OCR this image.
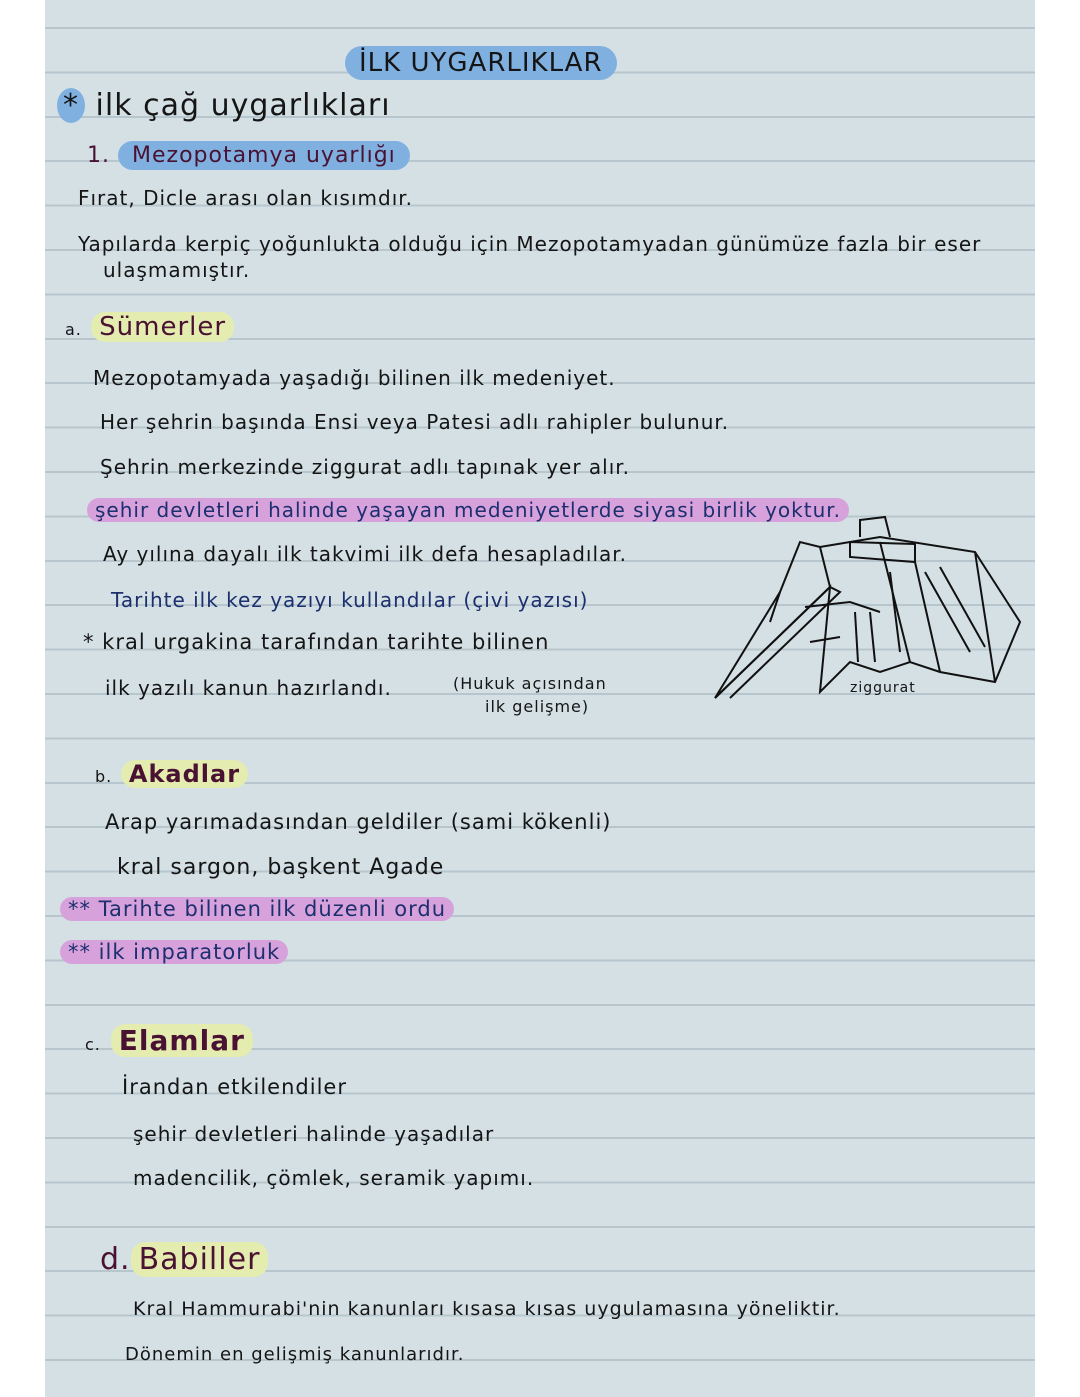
İLK UYGARLIKLAR
* ilk çağ uygarlıkları
1. Mezopotamya uyarlığı
Fırat, Dicle arası olan kısımdır.
Yapılarda kerpiç yoğunlukta olduğu için Mezopotamyadan günümüze fazla bir eser
ulaşmamıştır.
a. Sümerler
Mezopotamyada yaşadığı bilinen ilk medeniyet.
Her şehrin başında Ensi veya Patesi adlı rahipler bulunur.
Şehrin merkezinde ziggurat adlı tapınak yer alır.
şehir devletleri halinde yaşayan medeniyetlerde siyasi birlik yoktur.
Ay yılına dayalı ilk takvimi ilk defa hesapladılar.
Tarihte ilk kez yazıyı kullandılar (çivi yazısı)
* kral urgakina tarafından tarihte bilinen
ilk yazılı kanun hazırlandı.	(Hukuk açısından
ilk gelişme)
ziggurat
b. Akadlar
Arap yarımadasından geldiler (sami kökenli)
kral sargon, başkent Agade
** Tarihte bilinen ilk düzenli ordu
** ilk imparatorluk
c. Elamlar
İrandan etkilendiler
şehir devletleri halinde yaşadılar
madencilik, çömlek, seramik yapımı.
d. Babiller
Kral Hammurabi'nin kanunları kısasa kısas uygulamasına yöneliktir.
Dönemin en gelişmiş kanunlarıdır.
